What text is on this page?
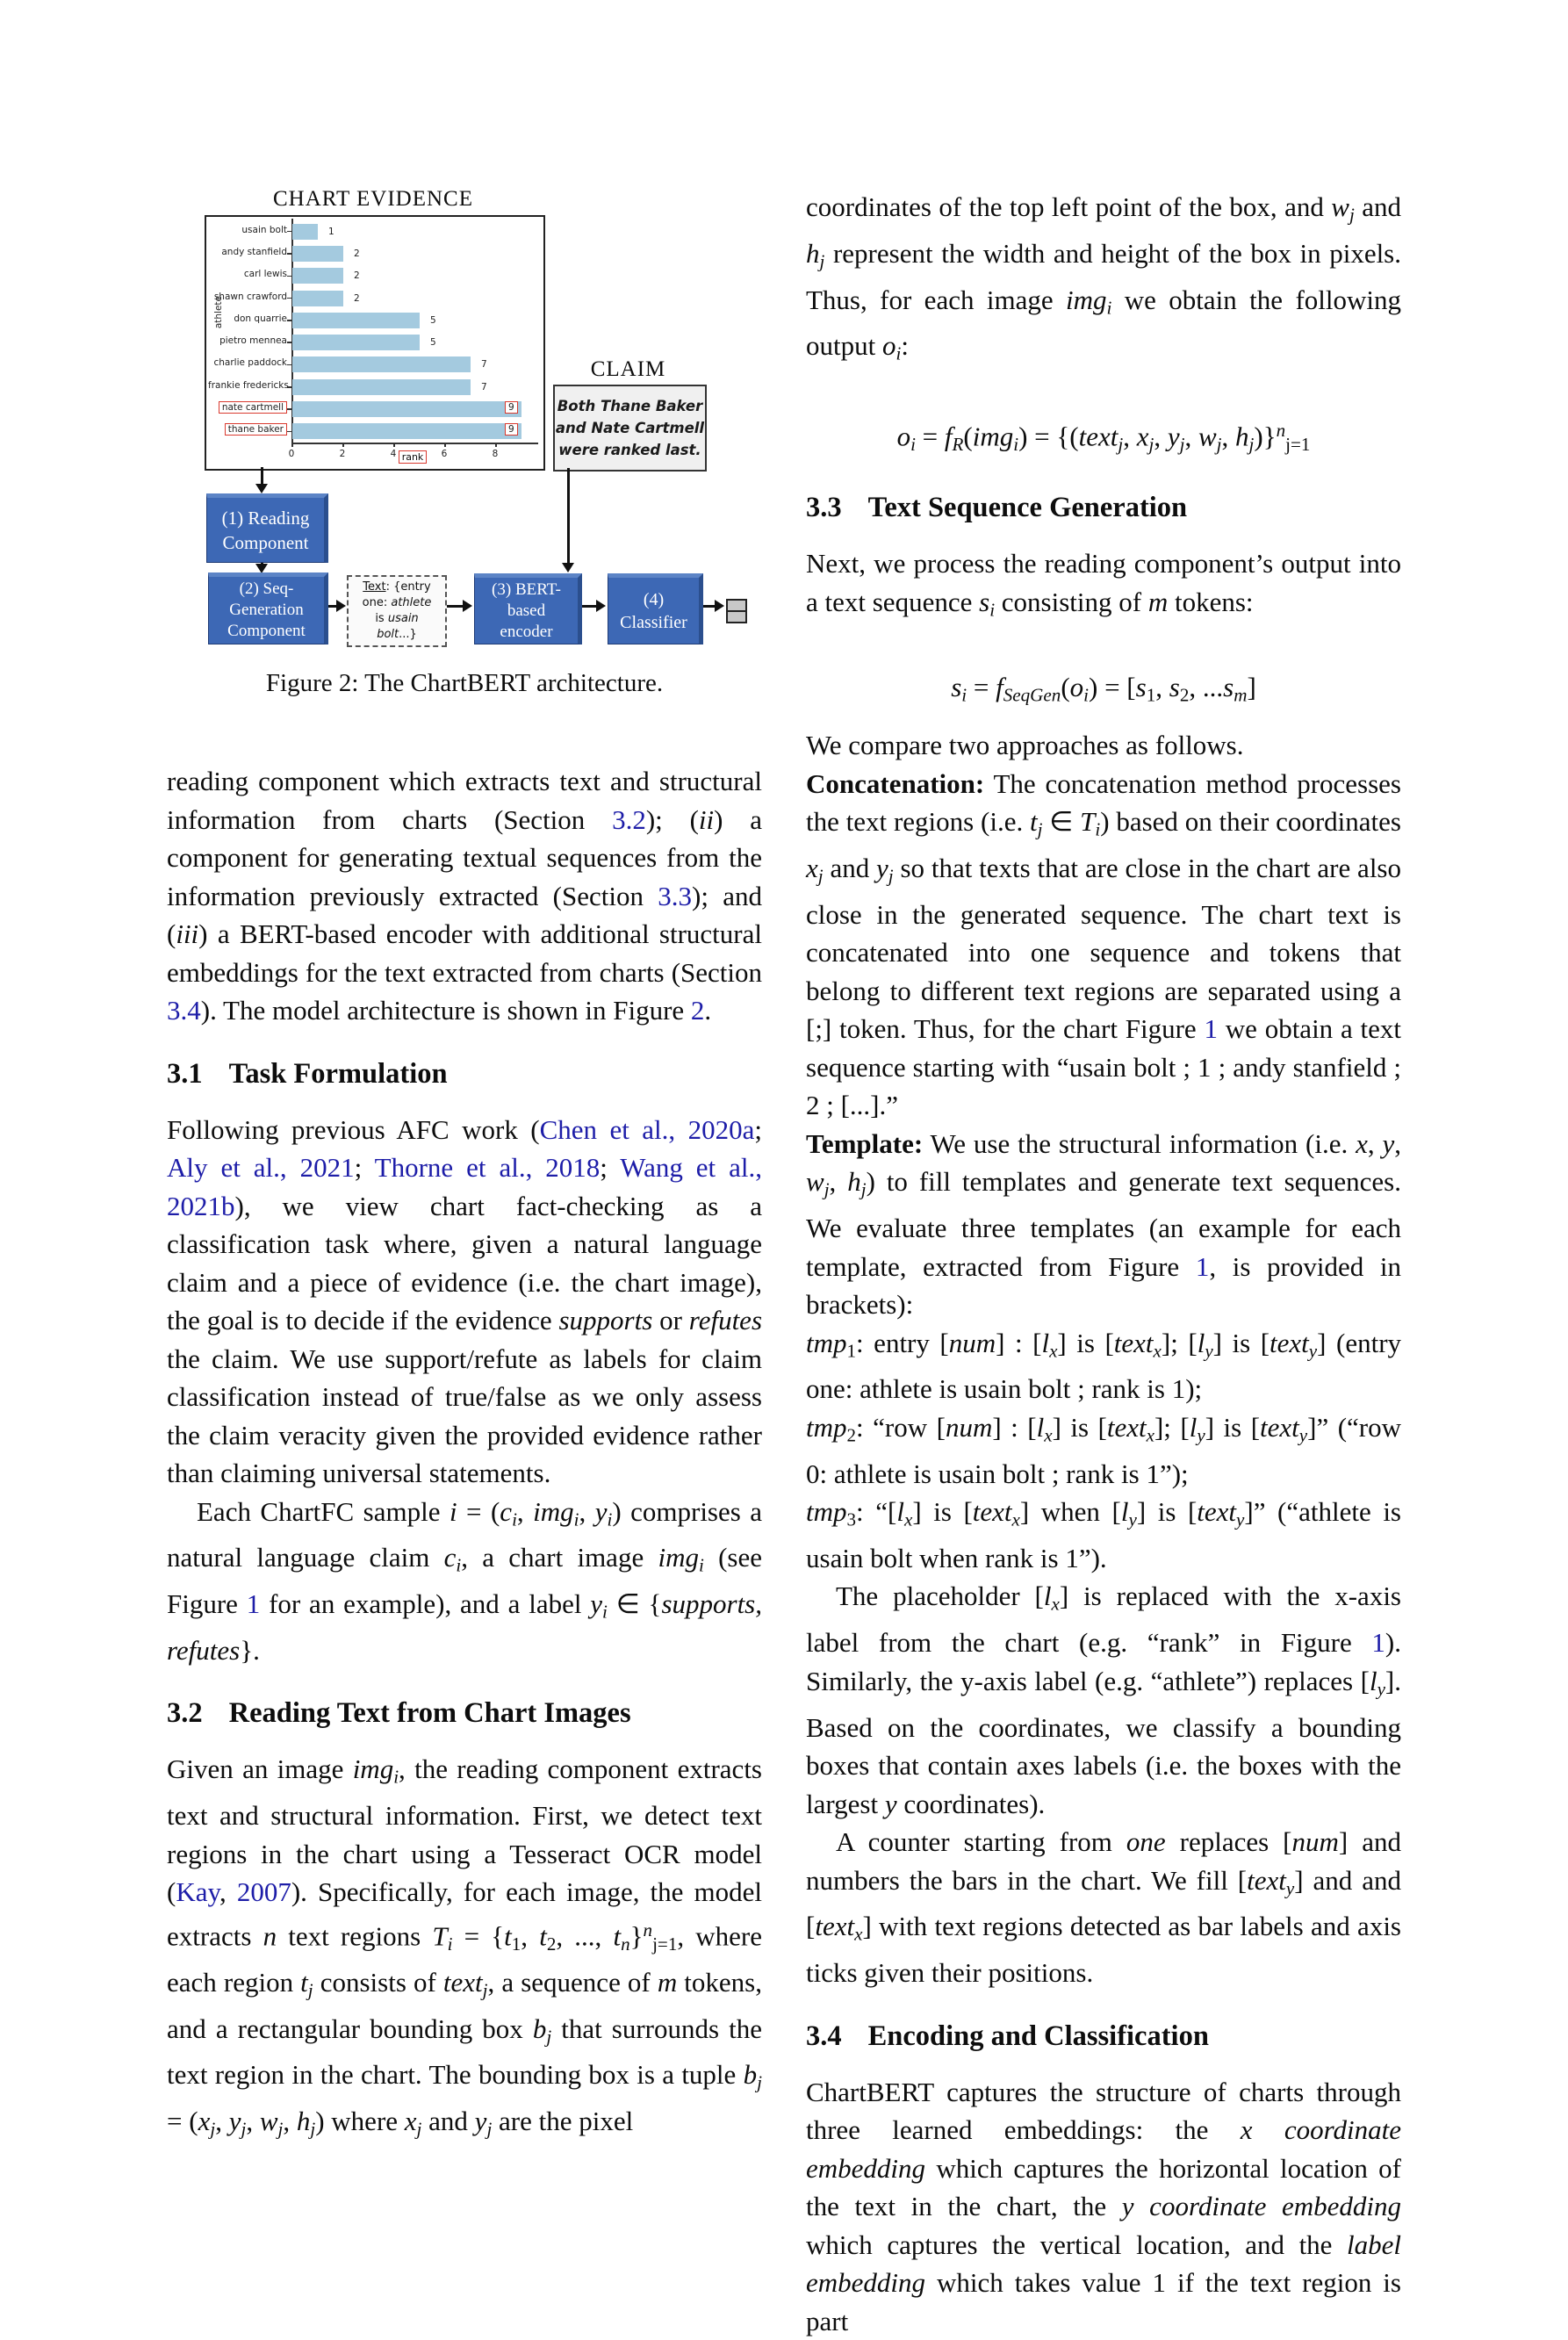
CHART EVIDENCE
athlete
usain bolt	1
andy stanfield	2
carl lewis	2
shawn crawford	2
don quarrie	5
pietro mennea	5
charlie paddock	7
frankie fredericks	7
nate cartmell	9
thane baker	9
0	2	4	6	8
rank
CLAIM
Both Thane Baker
and Nate Cartmell
were ranked last.
(1) Reading
Component
(2) Seq-
Generation
Component
Text: {entry
one: athlete
is usain
bolt...}
(3) BERT-
based
encoder
(4)
Classifier
Figure 2: The ChartBERT architecture.
reading component which extracts text and structural information from charts (Section 3.2); (ii) a component for generating textual sequences from the information previously extracted (Section 3.3); and (iii) a BERT-based encoder with additional structural embeddings for the text extracted from charts (Section 3.4). The model architecture is shown in Figure 2.
3.1 Task Formulation
Following previous AFC work (Chen et al., 2020a; Aly et al., 2021; Thorne et al., 2018; Wang et al., 2021b), we view chart fact-checking as a classification task where, given a natural language claim and a piece of evidence (i.e. the chart image), the goal is to decide if the evidence supports or refutes the claim. We use support/refute as labels for claim classification instead of true/false as we only assess the claim veracity given the provided evidence rather than claiming universal statements.
Each ChartFC sample i = (ci, imgi, yi) comprises a natural language claim ci, a chart image imgi (see Figure 1 for an example), and a label yi ∈ {supports, refutes}.
3.2 Reading Text from Chart Images
Given an image imgi, the reading component extracts text and structural information. First, we detect text regions in the chart using a Tesseract OCR model (Kay, 2007). Specifically, for each image, the model extracts n text regions Ti = {t1, t2, ..., tn}$^n$j=1, where each region tj consists of textj, a sequence of m tokens, and a rectangular bounding box bj that surrounds the text region in the chart. The bounding box is a tuple bj = (xj, yj, wj, hj) where xj and yj are the pixel
coordinates of the top left point of the box, and wj and hj represent the width and height of the box in pixels. Thus, for each image imgi we obtain the following output oi:
oi = fR(imgi) = {(textj, xj, yj, wj, hj)}$^n$j=1
3.3 Text Sequence Generation
Next, we process the reading component’s output into a text sequence si consisting of m tokens:
si = fSeqGen(oi) = [s1, s2, ...sm]
We compare two approaches as follows.
Concatenation: The concatenation method processes the text regions (i.e. tj ∈ Ti) based on their coordinates xj and yj so that texts that are close in the chart are also close in the generated sequence. The chart text is concatenated into one sequence and tokens that belong to different text regions are separated using a [;] token. Thus, for the chart Figure 1 we obtain a text sequence starting with “usain bolt ; 1 ; andy stanfield ; 2 ; [...].”
Template: We use the structural information (i.e. x, y, wj, hj) to fill templates and generate text sequences. We evaluate three templates (an example for each template, extracted from Figure 1, is provided in brackets):
tmp1: entry [num] : [lx] is [textx]; [ly] is [texty] (entry one: athlete is usain bolt ; rank is 1);
tmp2: “row [num] : [lx] is [textx]; [ly] is [texty]” (“row 0: athlete is usain bolt ; rank is 1”);
tmp3: “[lx] is [textx] when [ly] is [texty]” (“athlete is usain bolt when rank is 1”).
The placeholder [lx] is replaced with the x-axis label from the chart (e.g. “rank” in Figure 1). Similarly, the y-axis label (e.g. “athlete”) replaces [ly]. Based on the coordinates, we classify a bounding boxes that contain axes labels (i.e. the boxes with the largest y coordinates).
A counter starting from one replaces [num] and numbers the bars in the chart. We fill [texty] and and [textx] with text regions detected as bar labels and axis ticks given their positions.
3.4 Encoding and Classification
ChartBERT captures the structure of charts through three learned embeddings: the x coordinate embedding which captures the horizontal location of the text in the chart, the y coordinate embedding which captures the vertical location, and the label embedding which takes value 1 if the text region is part
